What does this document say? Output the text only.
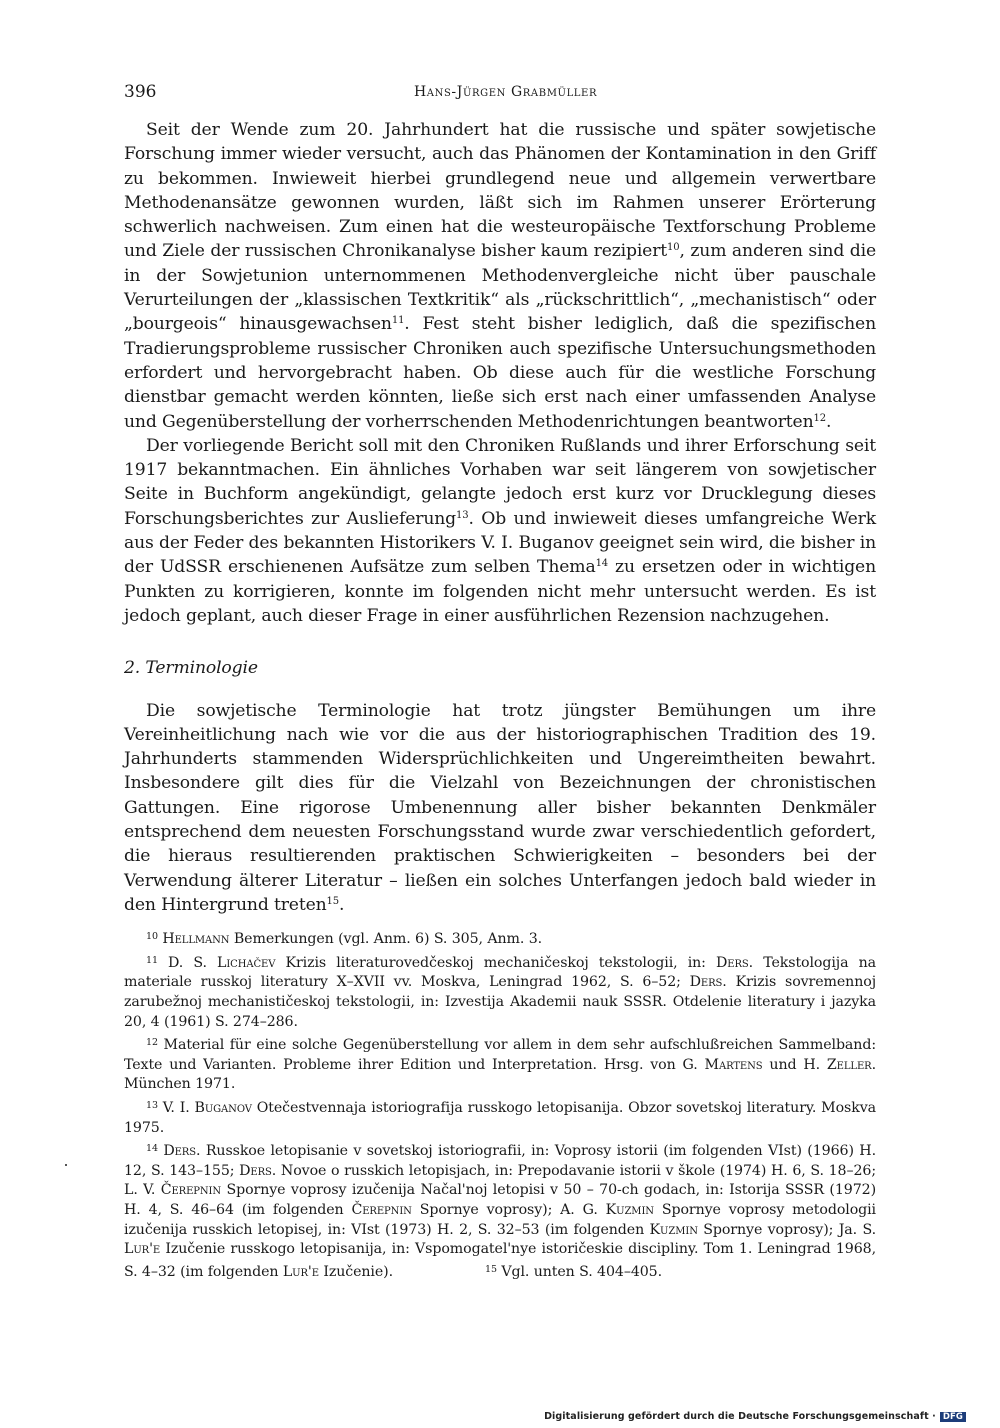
396	Hans-Jürgen Grabmüller

Seit der Wende zum 20. Jahrhundert hat die russische und später sowjetische Forschung immer wieder versucht, auch das Phänomen der Kontamination in den Griff zu bekommen. Inwieweit hierbei grundlegend neue und allgemein verwertbare Methodenansätze gewonnen wurden, läßt sich im Rahmen unserer Erörterung schwerlich nachweisen. Zum einen hat die westeuropäische Textforschung Probleme und Ziele der russischen Chronikanalyse bisher kaum rezipiert$^{10}$, zum anderen sind die in der Sowjetunion unternommenen Methodenvergleiche nicht über pauschale Verurteilungen der „klassischen Textkritik“ als „rückschrittlich“, „mechanistisch“ oder „bourgeois“ hinausgewachsen$^{11}$. Fest steht bisher lediglich, daß die spezifischen Tradierungsprobleme russischer Chroniken auch spezifische Untersuchungsmethoden erfordert und hervorgebracht haben. Ob diese auch für die westliche Forschung dienstbar gemacht werden könnten, ließe sich erst nach einer umfassenden Analyse und Gegenüberstellung der vorherrschenden Methodenrichtungen beantworten$^{12}$.

Der vorliegende Bericht soll mit den Chroniken Rußlands und ihrer Erforschung seit 1917 bekanntmachen. Ein ähnliches Vorhaben war seit längerem von sowjetischer Seite in Buchform angekündigt, gelangte jedoch erst kurz vor Drucklegung dieses Forschungsberichtes zur Auslieferung$^{13}$. Ob und inwieweit dieses umfangreiche Werk aus der Feder des bekannten Historikers V. I. Buganov geeignet sein wird, die bisher in der UdSSR erschienenen Aufsätze zum selben Thema$^{14}$ zu ersetzen oder in wichtigen Punkten zu korrigieren, konnte im folgenden nicht mehr untersucht werden. Es ist jedoch geplant, auch dieser Frage in einer ausführlichen Rezension nachzugehen.

2. Terminologie

Die sowjetische Terminologie hat trotz jüngster Bemühungen um ihre Vereinheitlichung nach wie vor die aus der historiographischen Tradition des 19. Jahrhunderts stammenden Widersprüchlichkeiten und Ungereimtheiten bewahrt. Insbesondere gilt dies für die Vielzahl von Bezeichnungen der chronistischen Gattungen. Eine rigorose Umbenennung aller bisher bekannten Denkmäler entsprechend dem neuesten Forschungsstand wurde zwar verschiedentlich gefordert, die hieraus resultierenden praktischen Schwierigkeiten – besonders bei der Verwendung älterer Literatur – ließen ein solches Unterfangen jedoch bald wieder in den Hintergrund treten$^{15}$.

$^{10}$ Hellmann Bemerkungen (vgl. Anm. 6) S. 305, Anm. 3.
$^{11}$ D. S. Lichačev Krizis literaturovedčeskoj mechaničeskoj tekstologii, in: Ders. Tekstologija na materiale russkoj literatury X–XVII vv. Moskva, Leningrad 1962, S. 6–52; Ders. Krizis sovremennoj zarubežnoj mechanističeskoj tekstologii, in: Izvestija Akademii nauk SSSR. Otdelenie literatury i jazyka 20, 4 (1961) S. 274–286.
$^{12}$ Material für eine solche Gegenüberstellung vor allem in dem sehr aufschlußreichen Sammelband: Texte und Varianten. Probleme ihrer Edition und Interpretation. Hrsg. von G. Martens und H. Zeller. München 1971.
$^{13}$ V. I. Buganov Otečestvennaja istoriografija russkogo letopisanija. Obzor sovetskoj literatury. Moskva 1975.
$^{14}$ Ders. Russkoe letopisanie v sovetskoj istoriografii, in: Voprosy istorii (im folgenden VIst) (1966) H. 12, S. 143–155; Ders. Novoe o russkich letopisjach, in: Prepodavanie istorii v škole (1974) H. 6, S. 18–26; L. V. Čerepnin Spornye voprosy izučenija Načal'noj letopisi v 50 – 70-ch godach, in: Istorija SSSR (1972) H. 4, S. 46–64 (im folgenden Čerepnin Spornye voprosy); A. G. Kuzmin Spornye voprosy metodologii izučenija russkich letopisej, in: VIst (1973) H. 2, S. 32–53 (im folgenden Kuzmin Spornye voprosy); Ja. S. Lur'e Izučenie russkogo letopisanija, in: Vspomogatel'nye istoričeskie discipliny. Tom 1. Leningrad 1968, S. 4–32 (im folgenden Lur'e Izučenie).	$^{15}$ Vgl. unten S. 404–405.
Digitalisierung gefördert durch die Deutsche Forschungsgemeinschaft · DFG
